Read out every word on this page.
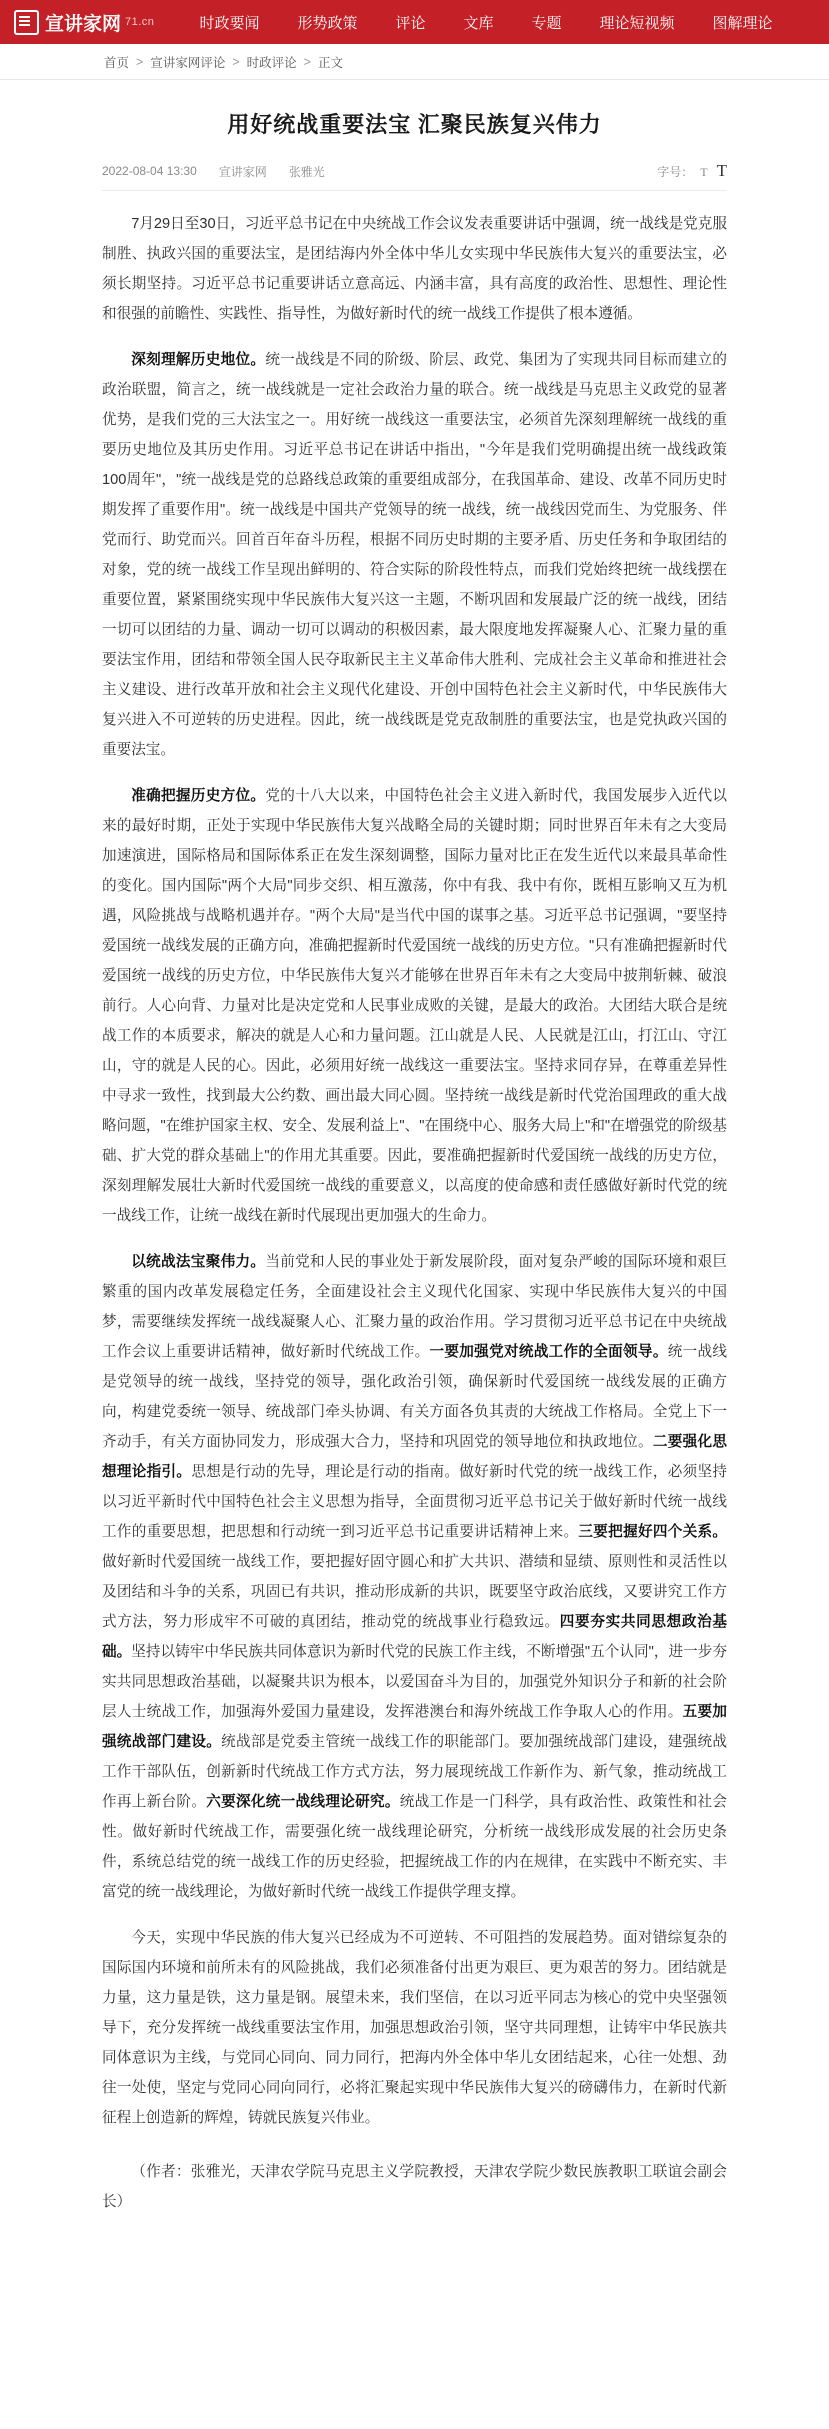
宣讲家网 71.cn	时政要闻	形势政策	评论	文库	专题	理论短视频	图解理论
首页 > 宣讲家网评论 > 时政评论 > 正文
用好统战重要法宝 汇聚民族复兴伟力
2022-08-04 13:30 宣讲家网 张雅光	字号： T T

7月29日至30日，习近平总书记在中央统战工作会议发表重要讲话中强调，统一战线是党克服制胜、执政兴国的重要法宝，是团结海内外全体中华儿女实现中华民族伟大复兴的重要法宝，必须长期坚持。习近平总书记重要讲话立意高远、内涵丰富，具有高度的政治性、思想性、理论性和很强的前瞻性、实践性、指导性，为做好新时代的统一战线工作提供了根本遵循。

深刻理解历史地位。统一战线是不同的阶级、阶层、政党、集团为了实现共同目标而建立的政治联盟，简言之，统一战线就是一定社会政治力量的联合。统一战线是马克思主义政党的显著优势，是我们党的三大法宝之一。用好统一战线这一重要法宝，必须首先深刻理解统一战线的重要历史地位及其历史作用。习近平总书记在讲话中指出，"今年是我们党明确提出统一战线政策100周年"，"统一战线是党的总路线总政策的重要组成部分，在我国革命、建设、改革不同历史时期发挥了重要作用"。统一战线是中国共产党领导的统一战线，统一战线因党而生、为党服务、伴党而行、助党而兴。回首百年奋斗历程，根据不同历史时期的主要矛盾、历史任务和争取团结的对象，党的统一战线工作呈现出鲜明的、符合实际的阶段性特点，而我们党始终把统一战线摆在重要位置，紧紧围绕实现中华民族伟大复兴这一主题，不断巩固和发展最广泛的统一战线，团结一切可以团结的力量、调动一切可以调动的积极因素，最大限度地发挥凝聚人心、汇聚力量的重要法宝作用，团结和带领全国人民夺取新民主主义革命伟大胜利、完成社会主义革命和推进社会主义建设、进行改革开放和社会主义现代化建设、开创中国特色社会主义新时代，中华民族伟大复兴进入不可逆转的历史进程。因此，统一战线既是党克敌制胜的重要法宝，也是党执政兴国的重要法宝。

准确把握历史方位。党的十八大以来，中国特色社会主义进入新时代，我国发展步入近代以来的最好时期，正处于实现中华民族伟大复兴战略全局的关键时期；同时世界百年未有之大变局加速演进，国际格局和国际体系正在发生深刻调整，国际力量对比正在发生近代以来最具革命性的变化。国内国际"两个大局"同步交织、相互激荡，你中有我、我中有你，既相互影响又互为机遇，风险挑战与战略机遇并存。"两个大局"是当代中国的谋事之基。习近平总书记强调，"要坚持爱国统一战线发展的正确方向，准确把握新时代爱国统一战线的历史方位。"只有准确把握新时代爱国统一战线的历史方位，中华民族伟大复兴才能够在世界百年未有之大变局中披荆斩棘、破浪前行。人心向背、力量对比是决定党和人民事业成败的关键，是最大的政治。大团结大联合是统战工作的本质要求，解决的就是人心和力量问题。江山就是人民、人民就是江山，打江山、守江山，守的就是人民的心。因此，必须用好统一战线这一重要法宝。坚持求同存异，在尊重差异性中寻求一致性，找到最大公约数、画出最大同心圆。坚持统一战线是新时代党治国理政的重大战略问题，"在维护国家主权、安全、发展利益上"、"在围绕中心、服务大局上"和"在增强党的阶级基础、扩大党的群众基础上"的作用尤其重要。因此，要准确把握新时代爱国统一战线的历史方位，深刻理解发展壮大新时代爱国统一战线的重要意义，以高度的使命感和责任感做好新时代党的统一战线工作，让统一战线在新时代展现出更加强大的生命力。

以统战法宝聚伟力。当前党和人民的事业处于新发展阶段，面对复杂严峻的国际环境和艰巨繁重的国内改革发展稳定任务，全面建设社会主义现代化国家、实现中华民族伟大复兴的中国梦，需要继续发挥统一战线凝聚人心、汇聚力量的政治作用。学习贯彻习近平总书记在中央统战工作会议上重要讲话精神，做好新时代统战工作。一要加强党对统战工作的全面领导。统一战线是党领导的统一战线，坚持党的领导，强化政治引领，确保新时代爱国统一战线发展的正确方向，构建党委统一领导、统战部门牵头协调、有关方面各负其责的大统战工作格局。全党上下一齐动手，有关方面协同发力，形成强大合力，坚持和巩固党的领导地位和执政地位。二要强化思想理论指引。思想是行动的先导，理论是行动的指南。做好新时代党的统一战线工作，必须坚持以习近平新时代中国特色社会主义思想为指导，全面贯彻习近平总书记关于做好新时代统一战线工作的重要思想，把思想和行动统一到习近平总书记重要讲话精神上来。三要把握好四个关系。做好新时代爱国统一战线工作，要把握好固守圆心和扩大共识、潜绩和显绩、原则性和灵活性以及团结和斗争的关系，巩固已有共识，推动形成新的共识，既要坚守政治底线，又要讲究工作方式方法，努力形成牢不可破的真团结，推动党的统战事业行稳致远。四要夯实共同思想政治基础。坚持以铸牢中华民族共同体意识为新时代党的民族工作主线，不断增强"五个认同"，进一步夯实共同思想政治基础，以凝聚共识为根本，以爱国奋斗为目的，加强党外知识分子和新的社会阶层人士统战工作，加强海外爱国力量建设，发挥港澳台和海外统战工作争取人心的作用。五要加强统战部门建设。统战部是党委主管统一战线工作的职能部门。要加强统战部门建设，建强统战工作干部队伍，创新新时代统战工作方式方法，努力展现统战工作新作为、新气象，推动统战工作再上新台阶。六要深化统一战线理论研究。统战工作是一门科学，具有政治性、政策性和社会性。做好新时代统战工作，需要强化统一战线理论研究，分析统一战线形成发展的社会历史条件，系统总结党的统一战线工作的历史经验，把握统战工作的内在规律，在实践中不断充实、丰富党的统一战线理论，为做好新时代统一战线工作提供学理支撑。

今天，实现中华民族的伟大复兴已经成为不可逆转、不可阻挡的发展趋势。面对错综复杂的国际国内环境和前所未有的风险挑战，我们必须准备付出更为艰巨、更为艰苦的努力。团结就是力量，这力量是铁，这力量是钢。展望未来，我们坚信，在以习近平同志为核心的党中央坚强领导下，充分发挥统一战线重要法宝作用，加强思想政治引领，坚守共同理想，让铸牢中华民族共同体意识为主线，与党同心同向、同力同行，把海内外全体中华儿女团结起来，心往一处想、劲往一处使，坚定与党同心同向同行，必将汇聚起实现中华民族伟大复兴的磅礴伟力，在新时代新征程上创造新的辉煌，铸就民族复兴伟业。

（作者：张雅光，天津农学院马克思主义学院教授，天津农学院少数民族教职工联谊会副会长）
